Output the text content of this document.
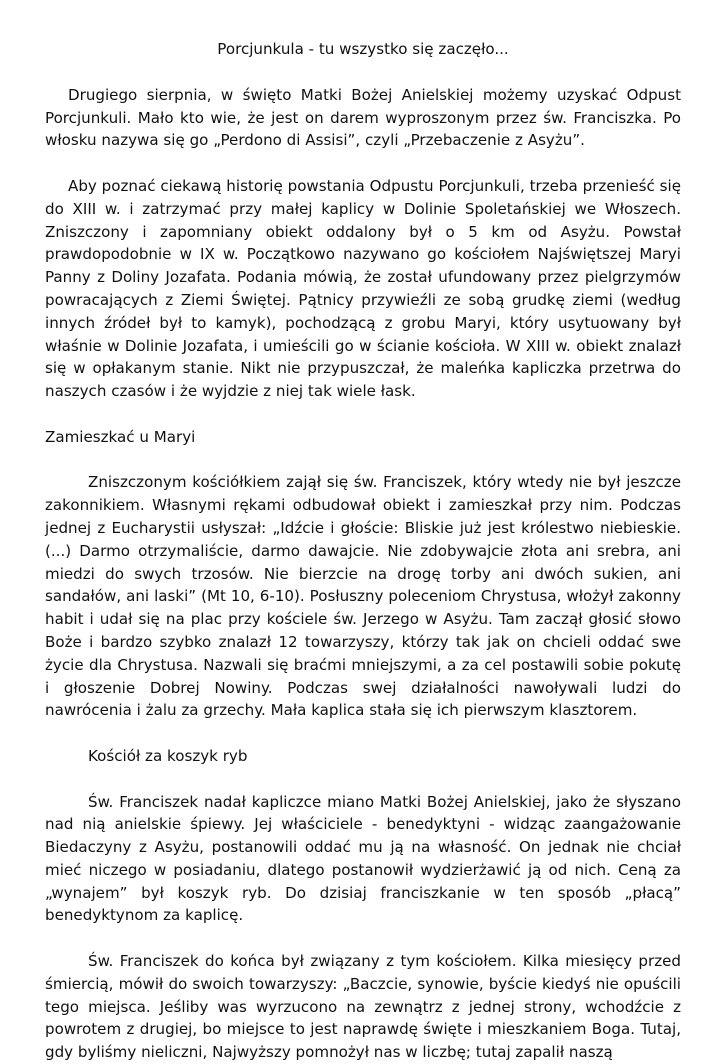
Porcjunkula - tu wszystko się zaczęło...

Drugiego sierpnia, w święto Matki Bożej Anielskiej możemy uzyskać Odpust Porcjunkuli. Mało kto wie, że jest on darem wyproszonym przez św. Franciszka. Po włosku nazywa się go „Perdono di Assisi”, czyli „Przebaczenie z Asyżu”.

Aby poznać ciekawą historię powstania Odpustu Porcjunkuli, trzeba przenieść się do XIII w. i zatrzymać przy małej kaplicy w Dolinie Spoletańskiej we Włoszech. Zniszczony i zapomniany obiekt oddalony był o 5 km od Asyżu. Powstał prawdopodobnie w IX w. Początkowo nazywano go kościołem Najświętszej Maryi Panny z Doliny Jozafata. Podania mówią, że został ufundowany przez pielgrzymów powracających z Ziemi Świętej. Pątnicy przywieźli ze sobą grudkę ziemi (według innych źródeł był to kamyk), pochodzącą z grobu Maryi, który usytuowany był właśnie w Dolinie Jozafata, i umieścili go w ścianie kościoła. W XIII w. obiekt znalazł się w opłakanym stanie. Nikt nie przypuszczał, że maleńka kapliczka przetrwa do naszych czasów i że wyjdzie z niej tak wiele łask.

Zamieszkać u Maryi

Zniszczonym kościółkiem zajął się św. Franciszek, który wtedy nie był jeszcze zakonnikiem. Własnymi rękami odbudował obiekt i zamieszkał przy nim. Podczas jednej z Eucharystii usłyszał: „Idźcie i głoście: Bliskie już jest królestwo niebieskie. (...) Darmo otrzymaliście, darmo dawajcie. Nie zdobywajcie złota ani srebra, ani miedzi do swych trzosów. Nie bierzcie na drogę torby ani dwóch sukien, ani sandałów, ani laski” (Mt 10, 6-10). Posłuszny poleceniom Chrystusa, włożył zakonny habit i udał się na plac przy kościele św. Jerzego w Asyżu. Tam zaczął głosić słowo Boże i bardzo szybko znalazł 12 towarzyszy, którzy tak jak on chcieli oddać swe życie dla Chrystusa. Nazwali się braćmi mniejszymi, a za cel postawili sobie pokutę i głoszenie Dobrej Nowiny. Podczas swej działalności nawoływali ludzi do nawrócenia i żalu za grzechy. Mała kaplica stała się ich pierwszym klasztorem.

Kościół za koszyk ryb

Św. Franciszek nadał kapliczce miano Matki Bożej Anielskiej, jako że słyszano nad nią anielskie śpiewy. Jej właściciele - benedyktyni - widząc zaangażowanie Biedaczyny z Asyżu, postanowili oddać mu ją na własność. On jednak nie chciał mieć niczego w posiadaniu, dlatego postanowił wydzierżawić ją od nich. Ceną za „wynajem” był koszyk ryb. Do dzisiaj franciszkanie w ten sposób „płacą” benedyktynom za kaplicę.

Św. Franciszek do końca był związany z tym kościołem. Kilka miesięcy przed śmiercią, mówił do swoich towarzyszy: „Baczcie, synowie, byście kiedyś nie opuścili tego miejsca. Jeśliby was wyrzucono na zewnątrz z jednej strony, wchodźcie z powrotem z drugiej, bo miejsce to jest naprawdę święte i mieszkaniem Boga. Tutaj, gdy byliśmy nieliczni, Najwyższy pomnożył nas w liczbę; tutaj zapalił naszą
